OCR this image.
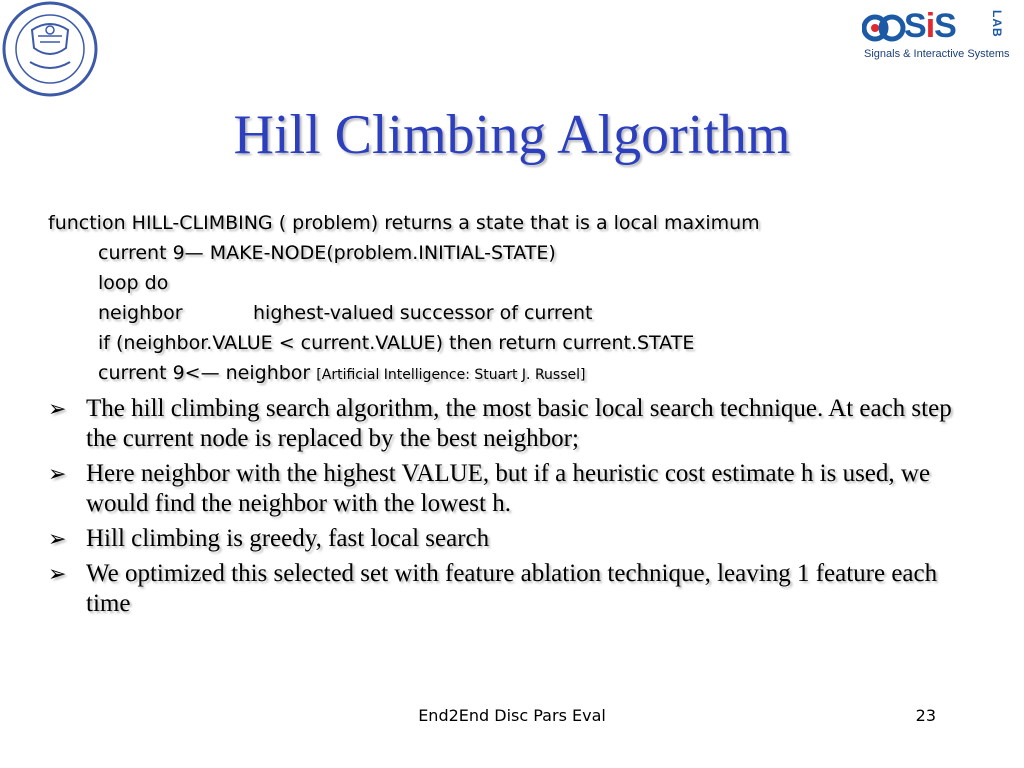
SiS	LAB
Signals & Interactive Systems
Hill Climbing Algorithm
function HILL-CLIMBING ( problem) returns a state that is a local maximum
current 9— MAKE-NODE(problem.INITIAL-STATE)
loop do
neighbor	highest-valued successor of current
if (neighbor.VALUE < current.VALUE) then return current.STATE
current 9<— neighbor [Artificial Intelligence: Stuart J. Russel]
➢ The hill climbing search algorithm, the most basic local search technique. At each step the current node is replaced by the best neighbor;
➢ Here neighbor with the highest VALUE, but if a heuristic cost estimate h is used, we would find the neighbor with the lowest h.
➢ Hill climbing is greedy, fast local search
➢ We optimized this selected set with feature ablation technique, leaving 1 feature each time
End2End Disc Pars Eval	23
